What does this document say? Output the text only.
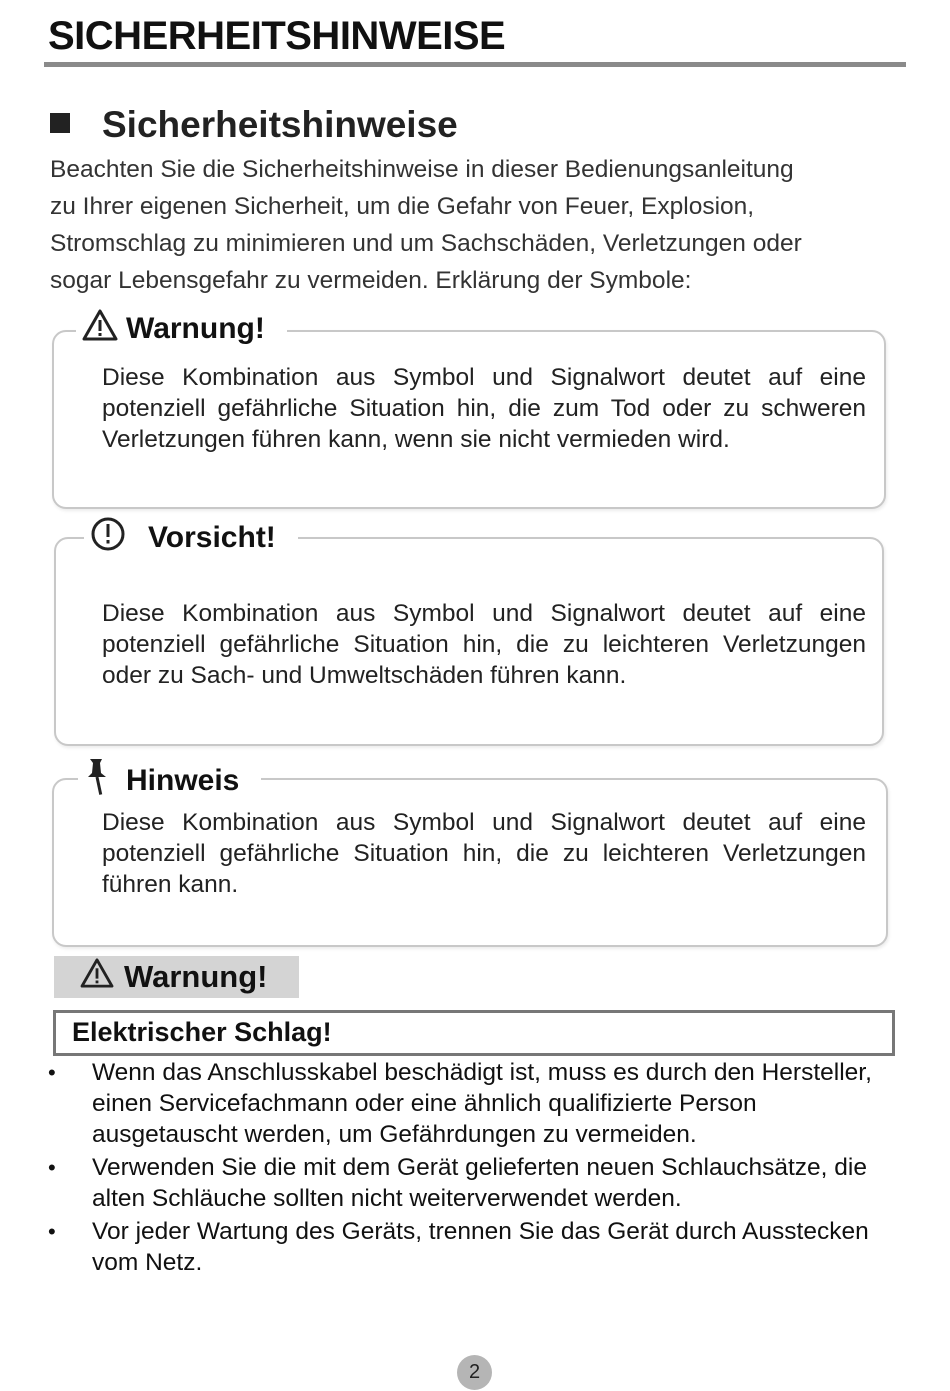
SICHERHEITSHINWEISE
Sicherheitshinweise
Beachten Sie die Sicherheitshinweise in dieser Bedienungsanleitung
zu Ihrer eigenen Sicherheit, um die Gefahr von Feuer, Explosion,
Stromschlag zu minimieren und um Sachschäden, Verletzungen oder
sogar Lebensgefahr zu vermeiden. Erklärung der Symbole:
Warnung!
Diese Kombination aus Symbol und Signalwort deutet auf eine potenziell gefährliche Situation hin, die zum Tod oder zu schweren Verletzungen führen kann, wenn sie nicht vermieden wird.
Vorsicht!
Diese Kombination aus Symbol und Signalwort deutet auf eine potenziell gefährliche Situation hin, die zu leichteren Verletzungen oder zu Sach- und Umweltschäden führen kann.
Hinweis
Diese Kombination aus Symbol und Signalwort deutet auf eine potenziell gefährliche Situation hin, die zu leichteren Verletzungen führen kann.
Warnung!
Elektrischer Schlag!
• Wenn das Anschlusskabel beschädigt ist, muss es durch den Hersteller, einen Servicefachmann oder eine ähnlich qualifizierte Person ausgetauscht werden, um Gefährdungen zu vermeiden.
• Verwenden Sie die mit dem Gerät gelieferten neuen Schlauchsätze, die alten Schläuche sollten nicht weiterverwendet werden.
• Vor jeder Wartung des Geräts, trennen Sie das Gerät durch Ausstecken vom Netz.
2
